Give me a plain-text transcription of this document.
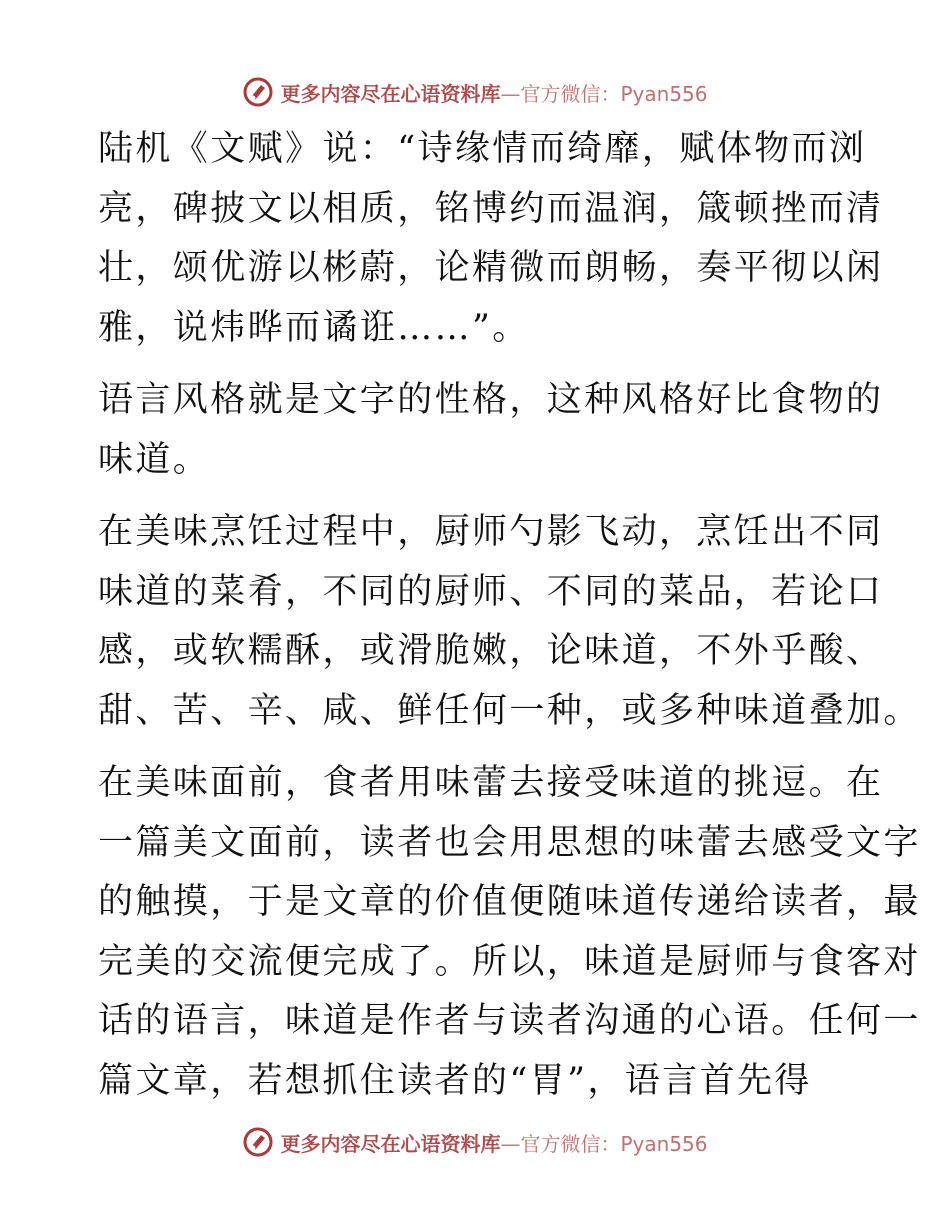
更多内容尽在心语资料库—官方微信：Pyan556

陆机《文赋》说：“诗缘情而绮靡，赋体物而浏
亮，碑披文以相质，铭博约而温润，箴顿挫而清
壮，颂优游以彬蔚，论精微而朗畅，奏平彻以闲
雅，说炜晔而谲诳……”。

语言风格就是文字的性格，这种风格好比食物的
味道。

在美味烹饪过程中，厨师勺影飞动，烹饪出不同
味道的菜肴，不同的厨师、不同的菜品，若论口
感，或软糯酥，或滑脆嫩，论味道，不外乎酸、
甜、苦、辛、咸、鲜任何一种，或多种味道叠加。

在美味面前，食者用味蕾去接受味道的挑逗。在
一篇美文面前，读者也会用思想的味蕾去感受文字
的触摸，于是文章的价值便随味道传递给读者，最
完美的交流便完成了。所以，味道是厨师与食客对
话的语言，味道是作者与读者沟通的心语。任何一
篇文章，若想抓住读者的“胃”，语言首先得

更多内容尽在心语资料库—官方微信：Pyan556
